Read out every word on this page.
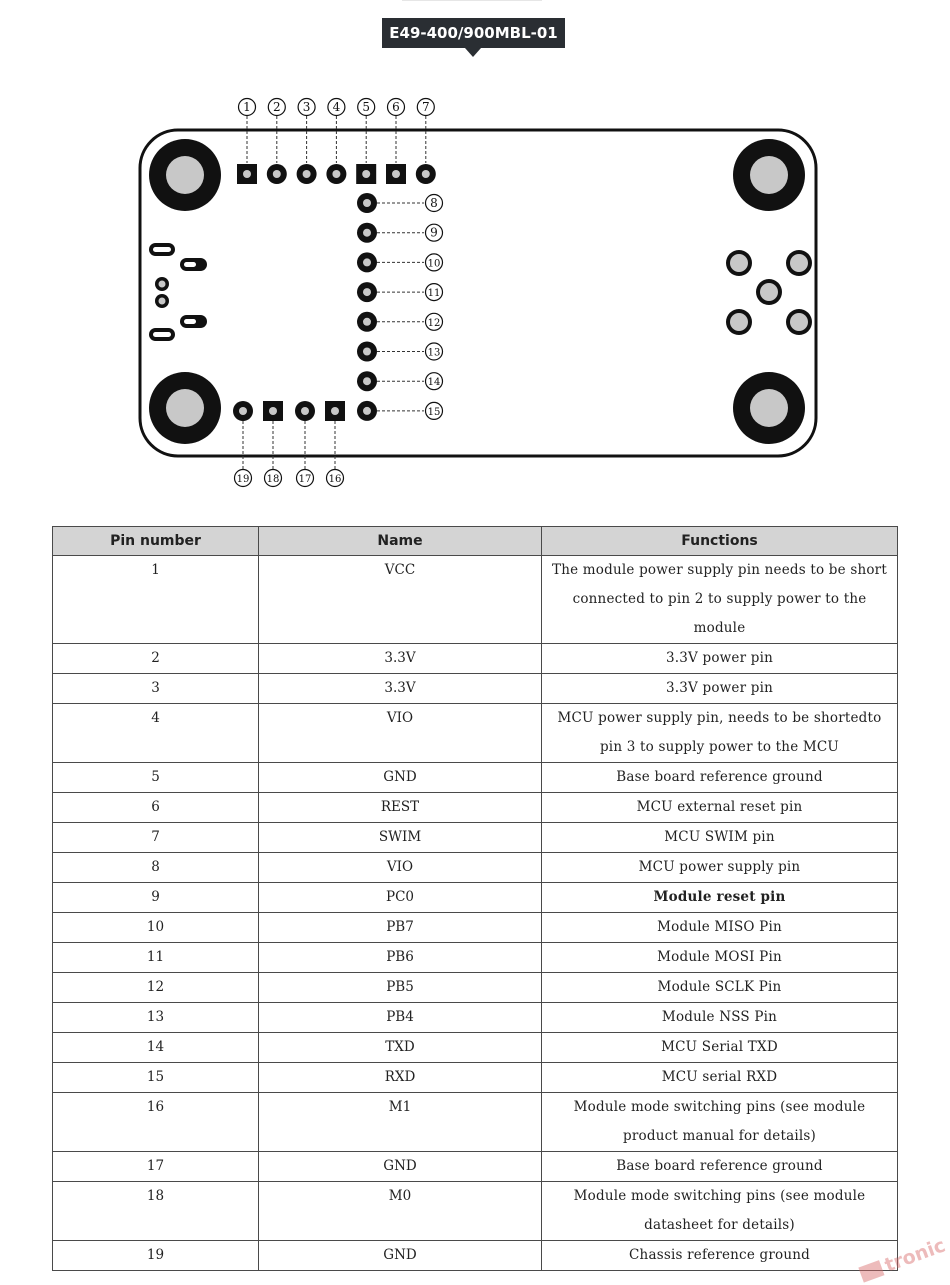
E49-400/900MBL-01
1 2 3 4 5 6 7
8
9
10
11
12
13
14
15
19 18 17 16
Pin number	Name	Functions
1	VCC	The module power supply pin needs to be short connected to pin 2 to supply power to the module
2	3.3V	3.3V power pin
3	3.3V	3.3V power pin
4	VIO	MCU power supply pin, needs to be shortedto pin 3 to supply power to the MCU
5	GND	Base board reference ground
6	REST	MCU external reset pin
7	SWIM	MCU SWIM pin
8	VIO	MCU power supply pin
9	PC0	Module reset pin
10	PB7	Module MISO Pin
11	PB6	Module MOSI Pin
12	PB5	Module SCLK Pin
13	PB4	Module NSS Pin
14	TXD	MCU Serial TXD
15	RXD	MCU serial RXD
16	M1	Module mode switching pins (see module product manual for details)
17	GND	Base board reference ground
18	M0	Module mode switching pins (see module datasheet for details)
19	GND	Chassis reference ground	tronic
